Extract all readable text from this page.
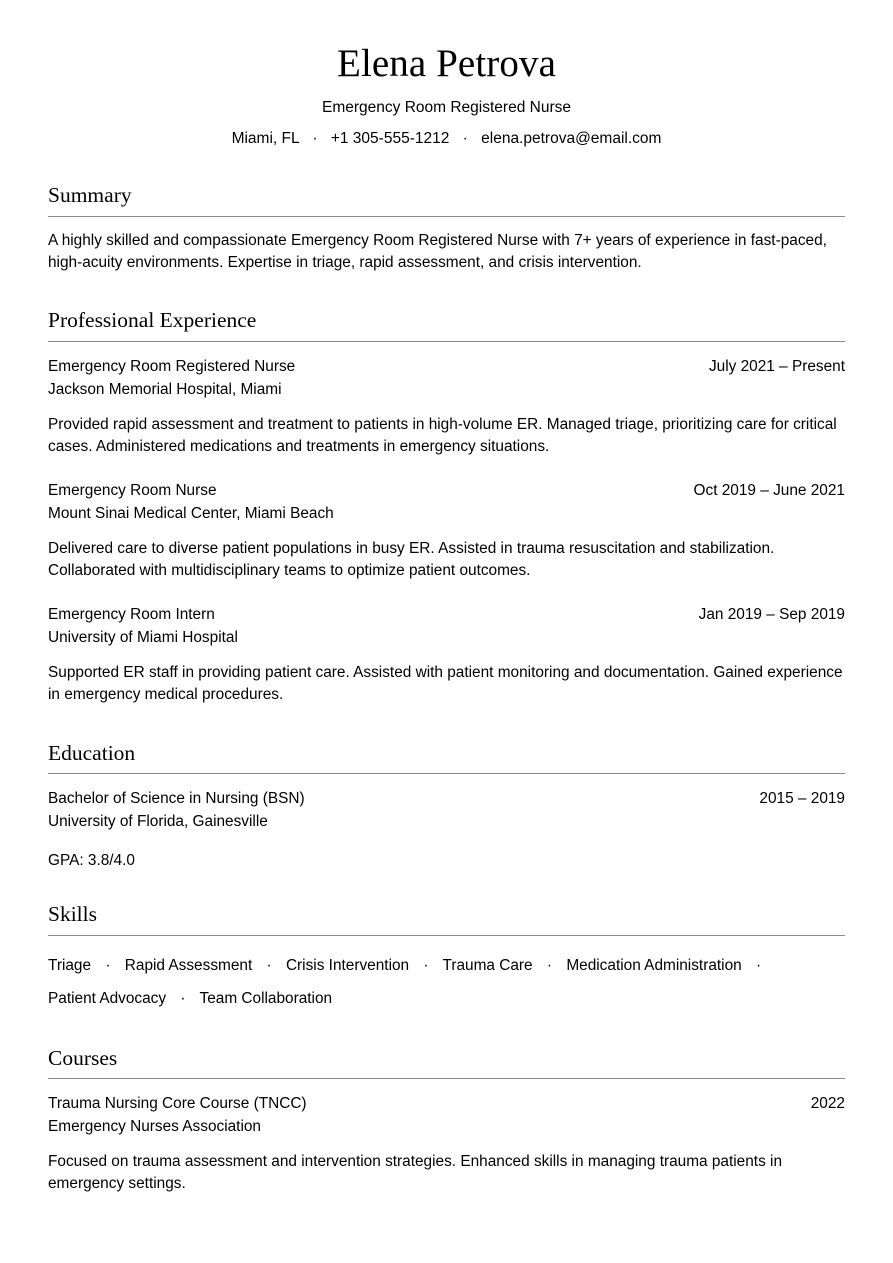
Elena Petrova
Emergency Room Registered Nurse
Miami, FL · +1 305-555-1212 · elena.petrova@email.com
Summary

A highly skilled and compassionate Emergency Room Registered Nurse with 7+ years of experience in fast-paced, high-acuity environments. Expertise in triage, rapid assessment, and crisis intervention.

Professional Experience
Emergency Room Registered Nurse	July 2021 – Present
Jackson Memorial Hospital, Miami
Provided rapid assessment and treatment to patients in high-volume ER. Managed triage, prioritizing care for critical cases. Administered medications and treatments in emergency situations.
Emergency Room Nurse	Oct 2019 – June 2021
Mount Sinai Medical Center, Miami Beach
Delivered care to diverse patient populations in busy ER. Assisted in trauma resuscitation and stabilization. Collaborated with multidisciplinary teams to optimize patient outcomes.
Emergency Room Intern	Jan 2019 – Sep 2019
University of Miami Hospital
Supported ER staff in providing patient care. Assisted with patient monitoring and documentation. Gained experience in emergency medical procedures.
Education
Bachelor of Science in Nursing (BSN)	2015 – 2019
University of Florida, Gainesville
GPA: 3.8/4.0
Skills
Triage · Rapid Assessment · Crisis Intervention · Trauma Care · Medication Administration · Patient Advocacy · Team Collaboration
Courses
Trauma Nursing Core Course (TNCC)	2022
Emergency Nurses Association
Focused on trauma assessment and intervention strategies. Enhanced skills in managing trauma patients in emergency settings.
